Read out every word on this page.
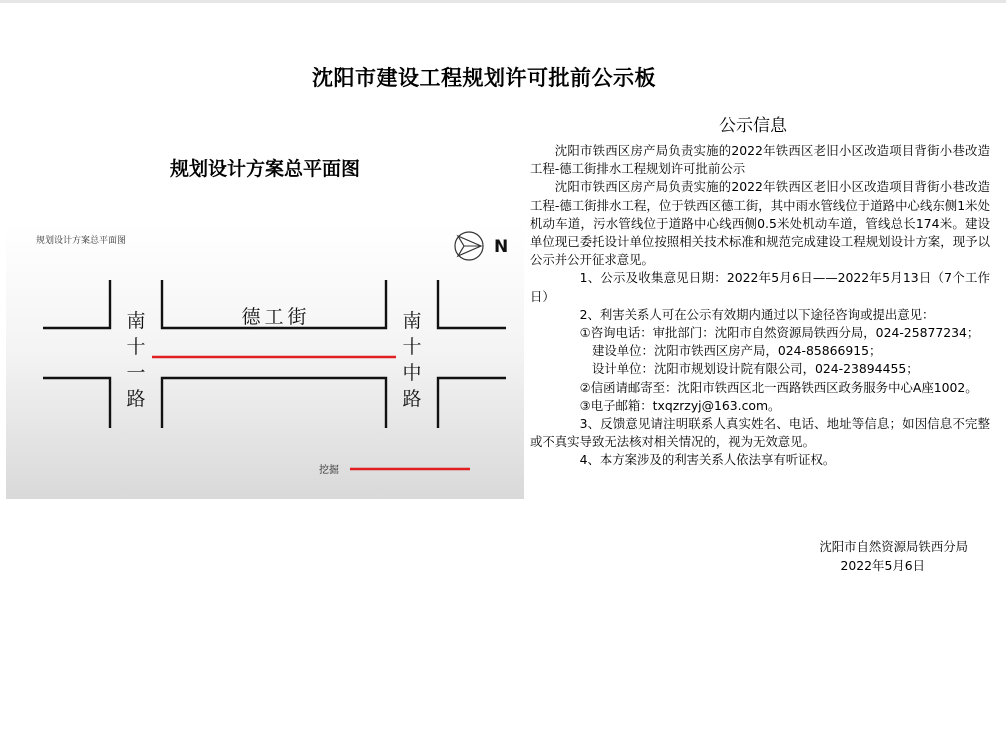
沈阳市建设工程规划许可批前公示板
规划设计方案总平面图
规划设计方案总平面图	N
德工街
南
十
一
路
南
十
中
路
挖掘
公示信息

沈阳市铁西区房产局负责实施的2022年铁西区老旧小区改造项目背街小巷改造工程-德工街排水工程规划许可批前公示

沈阳市铁西区房产局负责实施的2022年铁西区老旧小区改造项目背街小巷改造工程-德工街排水工程，位于铁西区德工街，其中雨水管线位于道路中心线东侧1米处机动车道，污水管线位于道路中心线西侧0.5米处机动车道，管线总长174米。建设单位现已委托设计单位按照相关技术标准和规范完成建设工程规划设计方案，现予以公示并公开征求意见。

1、公示及收集意见日期：2022年5月6日——2022年5月13日（7个工作日）

2、利害关系人可在公示有效期内通过以下途径咨询或提出意见：

①咨询电话：审批部门：沈阳市自然资源局铁西分局，024-25877234；

建设单位：沈阳市铁西区房产局，024-85866915；

设计单位：沈阳市规划设计院有限公司，024-23894455；

②信函请邮寄至：沈阳市铁西区北一西路铁西区政务服务中心A座1002。

③电子邮箱：txqzrzyj@163.com。

3、反馈意见请注明联系人真实姓名、电话、地址等信息；如因信息不完整或不真实导致无法核对相关情况的，视为无效意见。

4、本方案涉及的利害关系人依法享有听证权。

沈阳市自然资源局铁西分局
2022年5月6日
